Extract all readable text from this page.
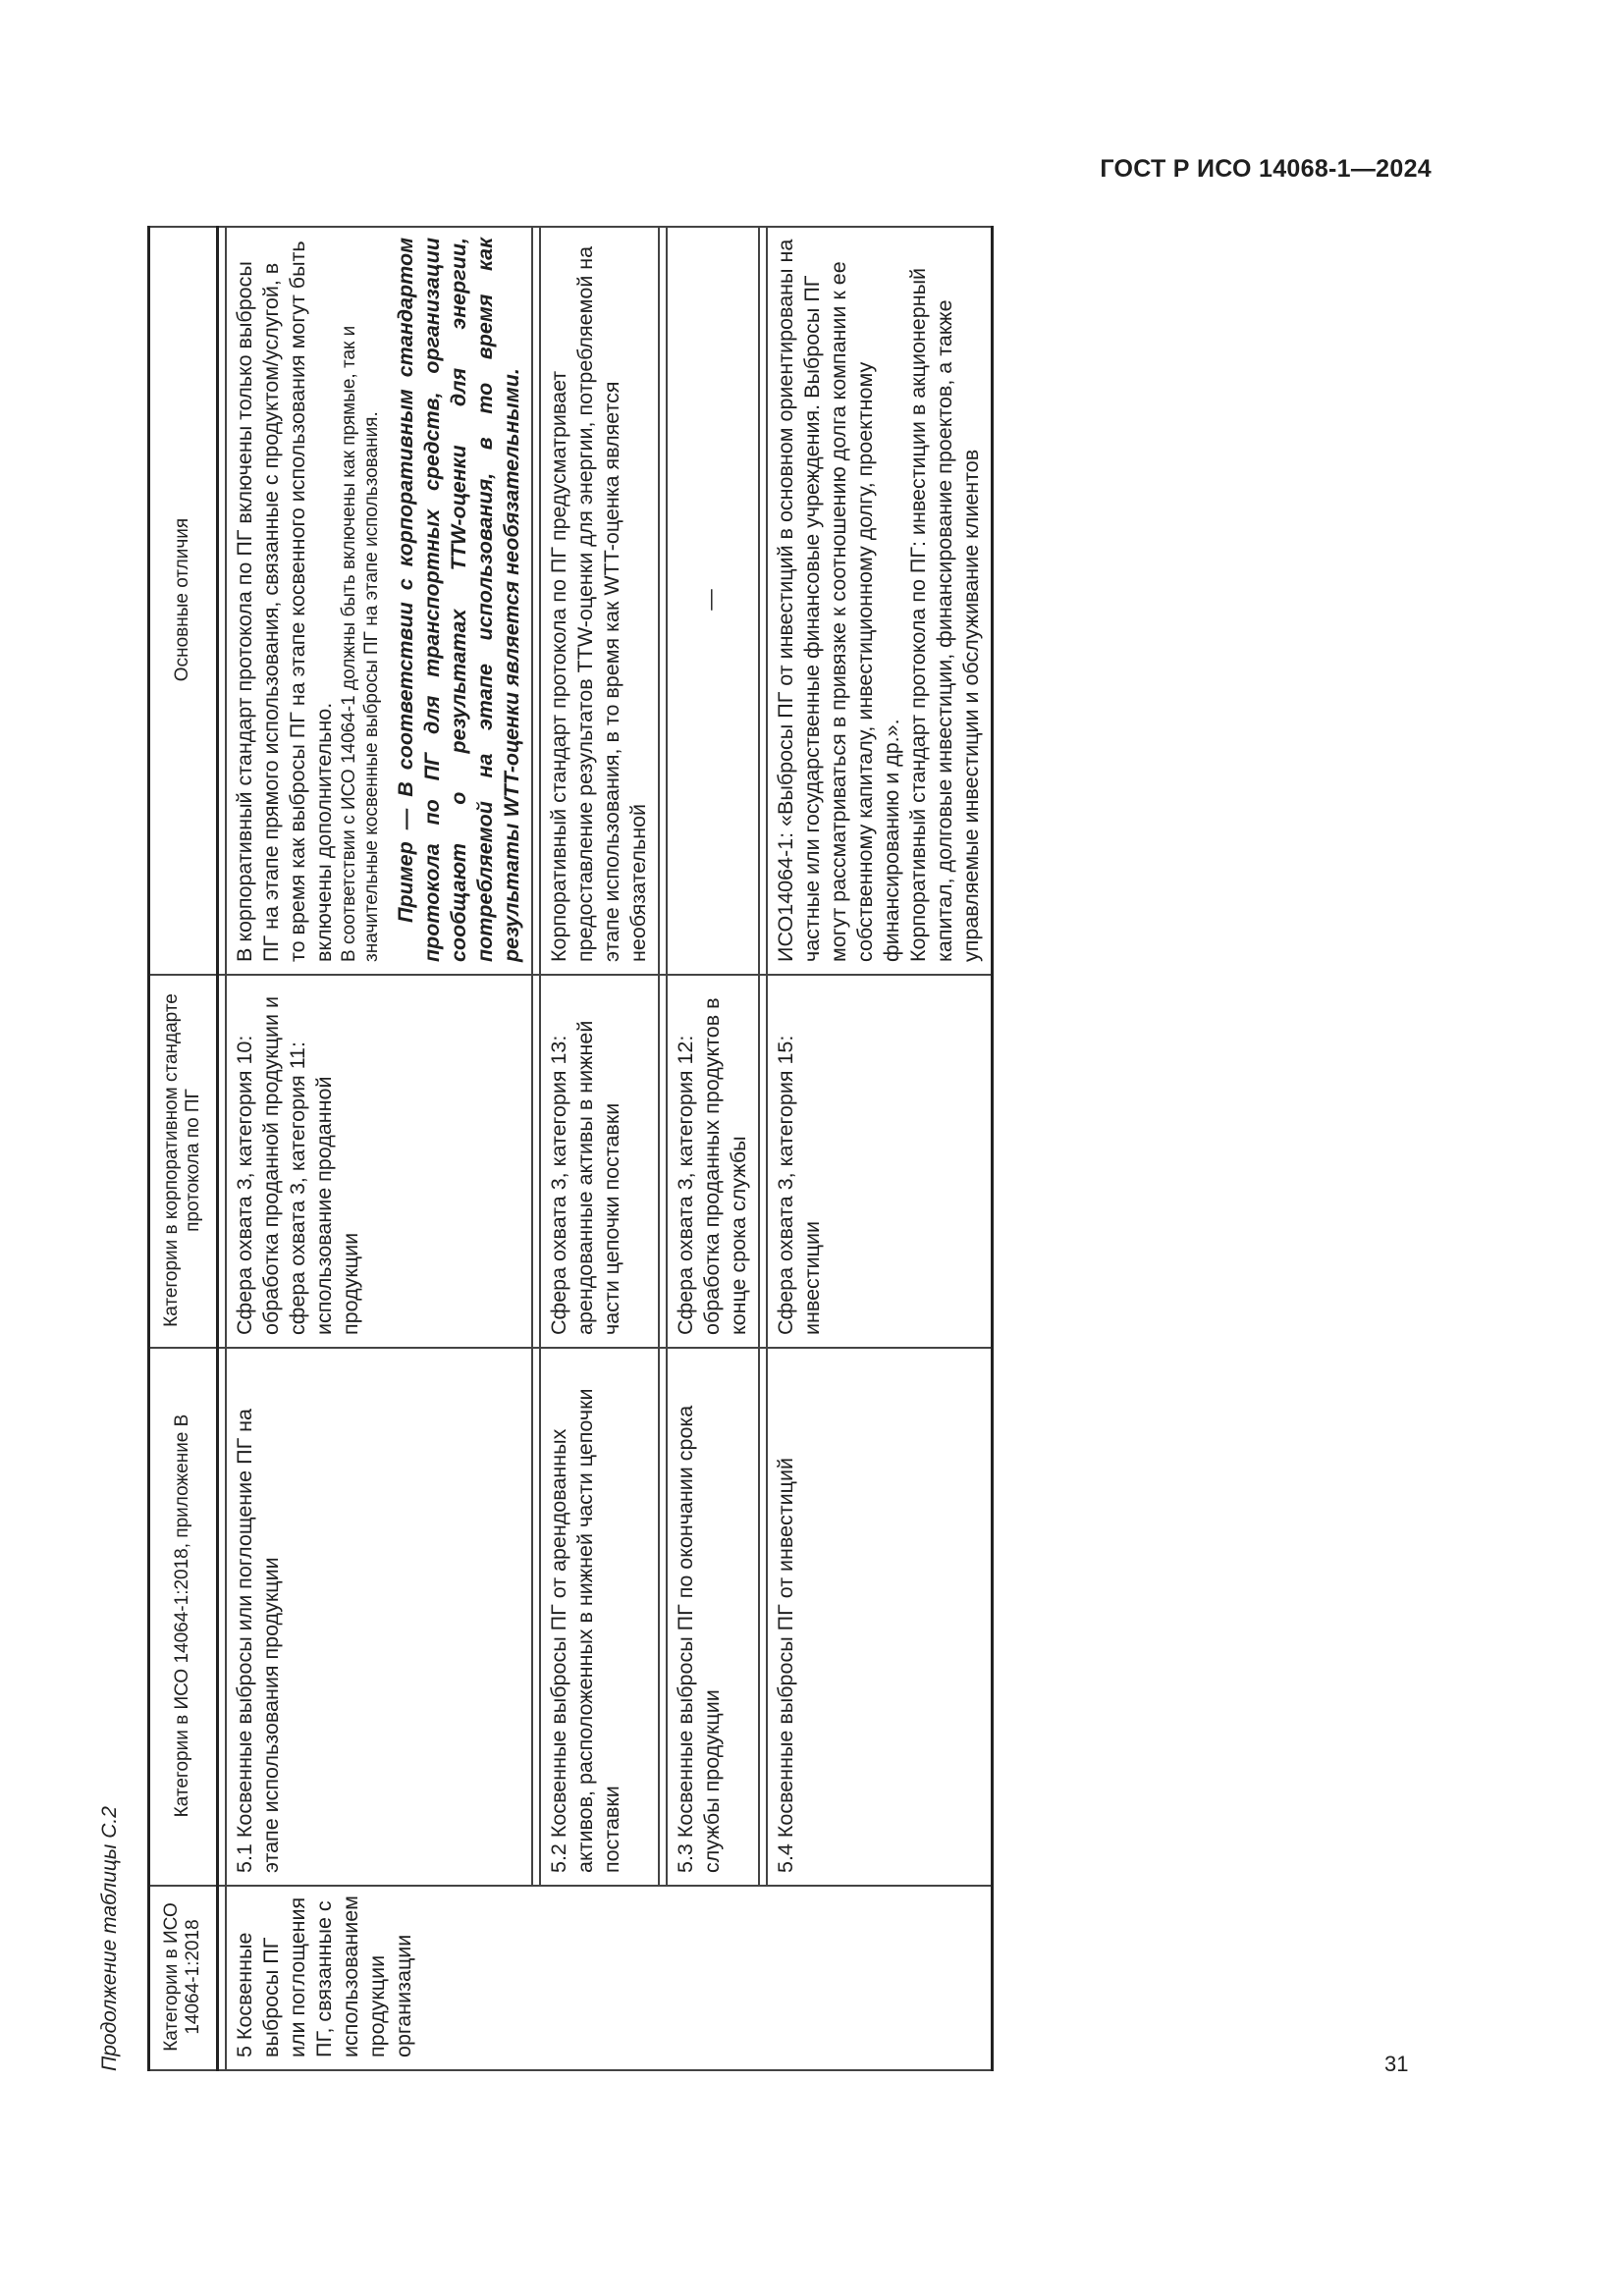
ГОСТ Р ИСО 14068-1—2024
Продолжение таблицы С.2 Категории в ИСО 14064-1:2018	Категории в ИСО 14064-1:2018, приложение В	Категории в корпоративном стандарте протокола по ПГ	Основные отличия

5 Косвенные выбросы ПГ или поглощения ПГ, связанные с использованием продукции организации	5.1 Косвенные выбросы или поглощение ПГ на этапе использования продукции	Сфера охвата 3, категория 10: обработка проданной продукции и сфера охвата 3, категория 11: использование проданной продукции	В корпоративный стандарт протокола по ПГ включены только выбросы ПГ на этапе прямого использования, связанные с продуктом/услугой, в то время как выбросы ПГ на этапе косвенного использования могут быть включены дополнительно. В соответствии с ИСО 14064-1 должны быть включены как прямые, так и значительные косвенные выбросы ПГ на этапе использования. Пример — В соответствии с корпоративным стандартом протокола по ПГ для транспортных средств, организации сообщают о результатах TTW-оценки для энергии, потребляемой на этапе использования, в то время как результаты WTT-оценки является необязательными.

	5.2 Косвенные выбросы ПГ от арендованных активов, расположенных в нижней части цепочки поставки	Сфера охвата 3, категория 13: арендованные активы в нижней части цепочки поставки	Корпоративный стандарт протокола по ПГ предусматривает предоставление результатов TTW-оценки для энергии, потребляемой на этапе использования, в то время как WTT-оценка является необязательной

	5.3 Косвенные выбросы ПГ по окончании срока службы продукции	Сфера охвата 3, категория 12: обработка проданных продуктов в конце срока службы	—

	5.4 Косвенные выбросы ПГ от инвестиций	Сфера охвата 3, категория 15: инвестиции	ИСО14064-1: «Выбросы ПГ от инвестиций в основном ориентированы на частные или государственные финансовые учреждения. Выбросы ПГ могут рассматриваться в привязке к соотношению долга компании к ее собственному капиталу, инвестиционному долгу, проектному финансированию и др.». Корпоративный стандарт протокола по ПГ: инвестиции в акционерный капитал, долговые инвестиции, финансирование проектов, а также управляемые инвестиции и обслуживание клиентов
31
